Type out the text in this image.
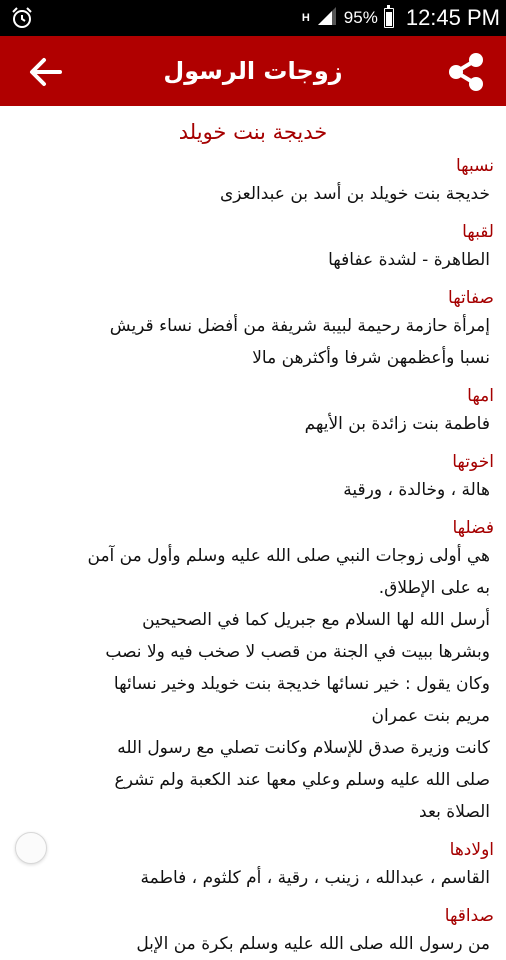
H 95% 12:45 PM
زوجات الرسول
خديجة بنت خويلد
نسبها
خديجة بنت خويلد بن أسد بن عبدالعزى
لقبها
الطاهرة - لشدة عفافها
صفاتها
إمرأة حازمة رحيمة لبيبة شريفة من أفضل نساء قريش
نسبا وأعظمهن شرفا وأكثرهن مالا
امها
فاطمة بنت زائدة بن الأيهم
اخوتها
هالة ، وخالدة ، ورقية
فضلها
هي أولى زوجات النبي صلى الله عليه وسلم وأول من آمن
به على الإطلاق.
أرسل الله لها السلام مع جبريل كما في الصحيحين
وبشرها ببيت في الجنة من قصب لا صخب فيه ولا نصب
وكان يقول : خير نسائها خديجة بنت خويلد وخير نسائها
مريم بنت عمران
كانت وزيرة صدق للإسلام وكانت تصلي مع رسول الله
صلى الله عليه وسلم وعلي معها عند الكعبة ولم تشرع
الصلاة بعد
اولادها
القاسم ، عبدالله ، زينب ، رقية ، أم كلثوم ، فاطمة
صداقها
من رسول الله صلى الله عليه وسلم بكرة من الإبل
